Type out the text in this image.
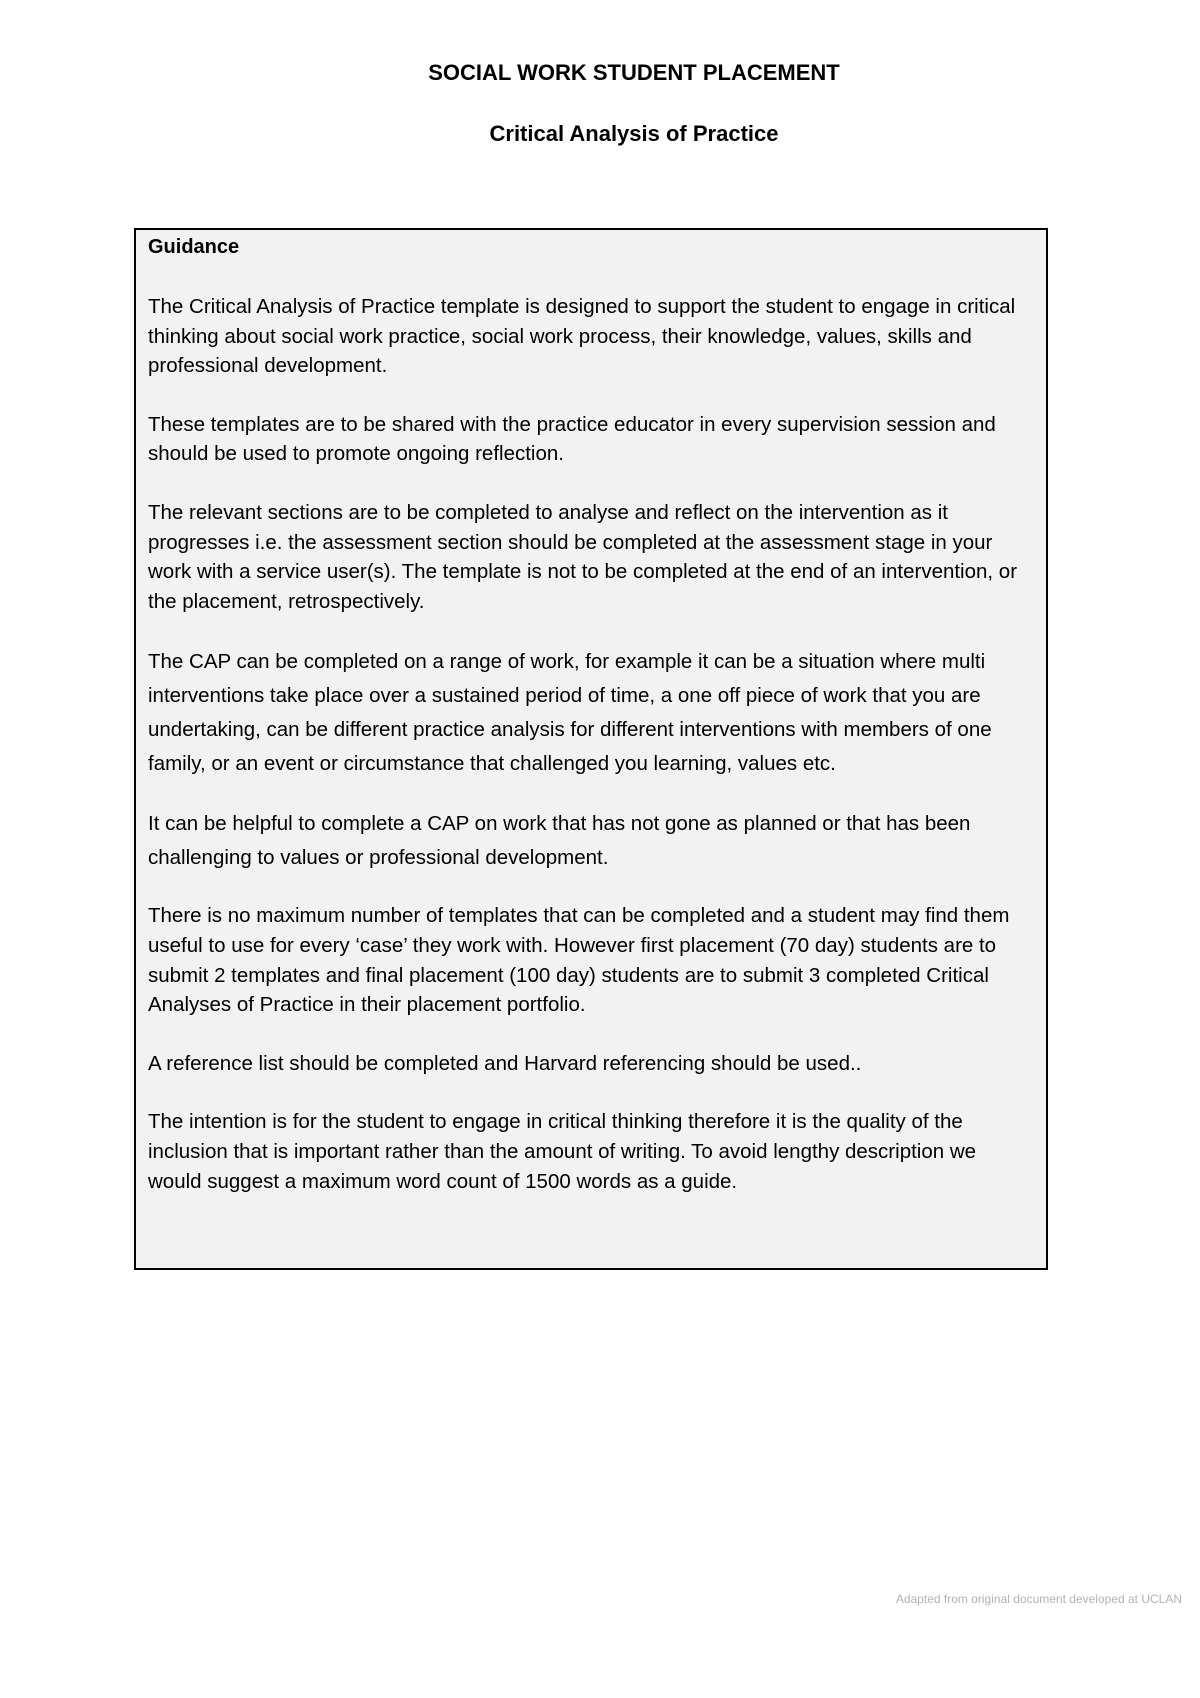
SOCIAL WORK STUDENT PLACEMENT
Critical Analysis of Practice

Guidance

The Critical Analysis of Practice template is designed to support the student to engage in critical thinking about social work practice, social work process, their knowledge, values, skills and professional development.

These templates are to be shared with the practice educator in every supervision session and should be used to promote ongoing reflection.

The relevant sections are to be completed to analyse and reflect on the intervention as it progresses i.e. the assessment section should be completed at the assessment stage in your work with a service user(s). The template is not to be completed at the end of an intervention, or the placement, retrospectively.

The CAP can be completed on a range of work, for example it can be a situation where multi interventions take place over a sustained period of time, a one off piece of work that you are undertaking, can be different practice analysis for different interventions with members of one family, or an event or circumstance that challenged you learning, values etc.

It can be helpful to complete a CAP on work that has not gone as planned or that has been challenging to values or professional development.

There is no maximum number of templates that can be completed and a student may find them useful to use for every ‘case’ they work with. However first placement (70 day) students are to submit 2 templates and final placement (100 day) students are to submit 3 completed Critical Analyses of Practice in their placement portfolio.

A reference list should be completed and Harvard referencing should be used..

The intention is for the student to engage in critical thinking therefore it is the quality of the inclusion that is important rather than the amount of writing. To avoid lengthy description we would suggest a maximum word count of 1500 words as a guide.

Adapted from original document developed at UCLAN
